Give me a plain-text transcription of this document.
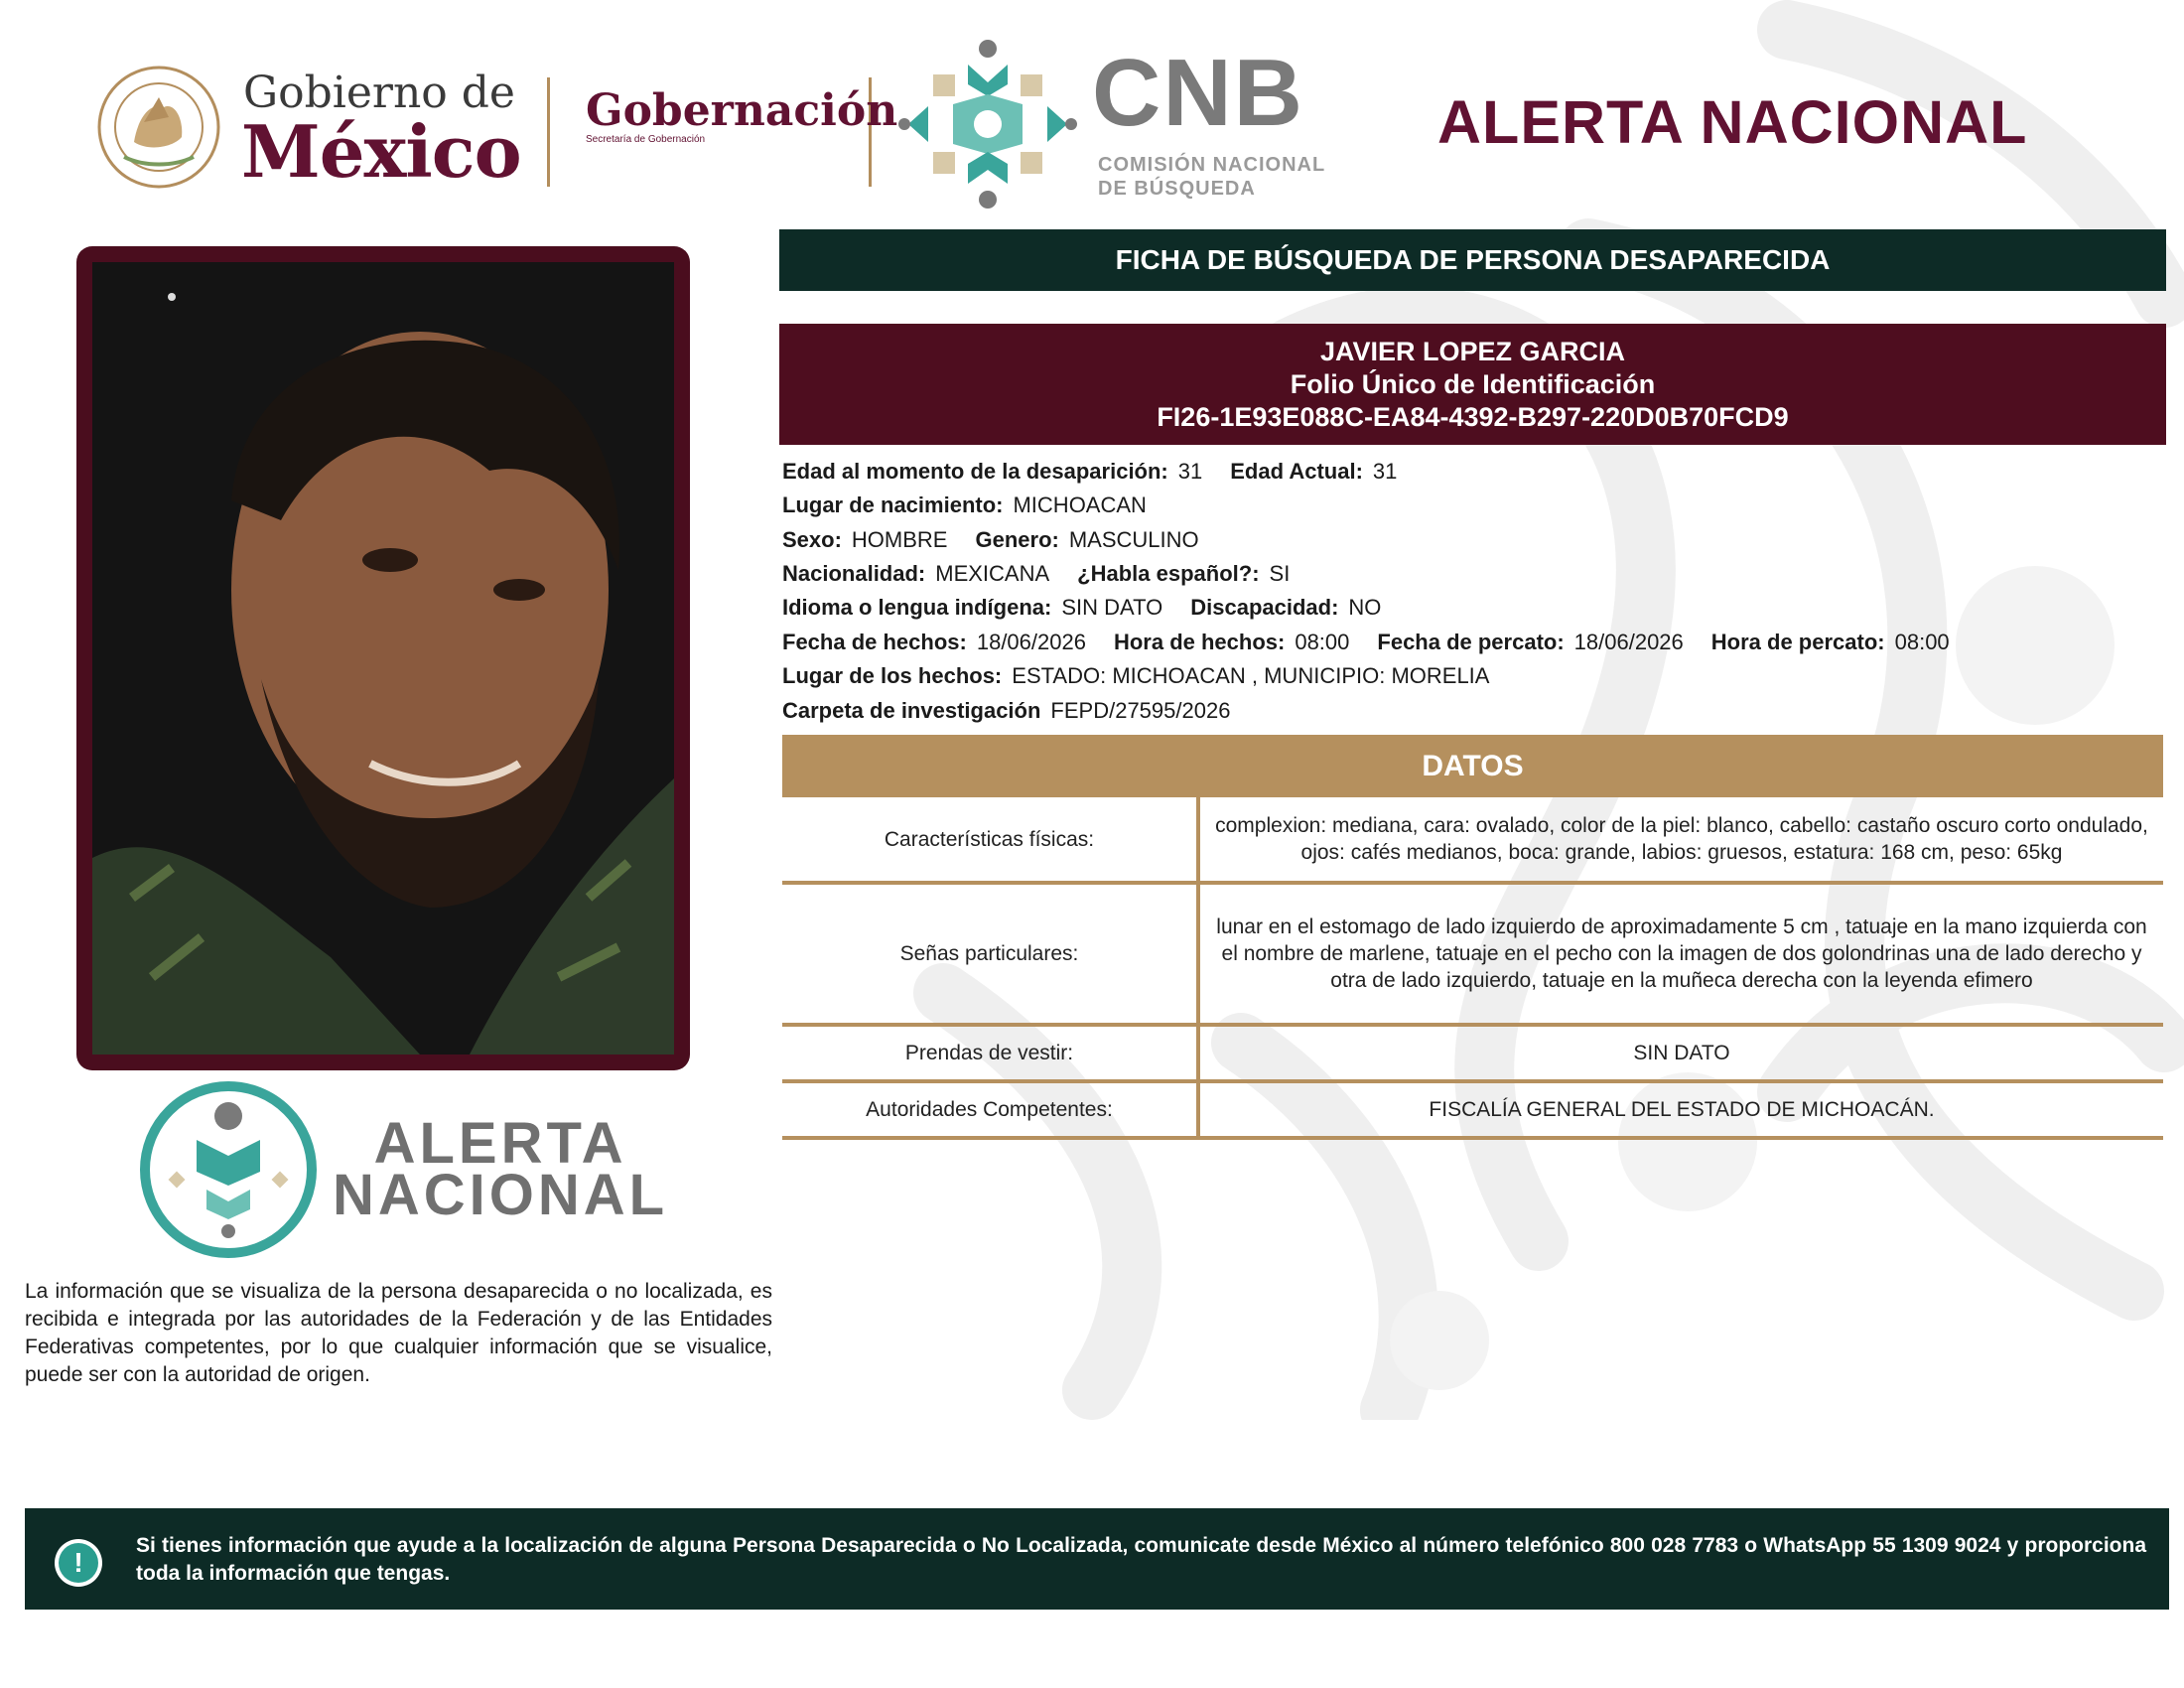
Gobierno de
México Gobernación
Secretaría de Gobernación	CNB
COMISIÓN NACIONAL
DE BÚSQUEDA
ALERTA NACIONAL
FICHA DE BÚSQUEDA DE PERSONA DESAPARECIDA
JAVIER LOPEZ GARCIA
Folio Único de Identificación
FI26-1E93E088C-EA84-4392-B297-220D0B70FCD9
Edad al momento de la desaparición: 31 Edad Actual: 31
Lugar de nacimiento: MICHOACAN
Sexo: HOMBRE Genero: MASCULINO
Nacionalidad: MEXICANA ¿Habla español?: SI
Idioma o lengua indígena: SIN DATO Discapacidad: NO
Fecha de hechos: 18/06/2026 Hora de hechos: 08:00 Fecha de percato: 18/06/2026 Hora de percato: 08:00
Lugar de los hechos: ESTADO: MICHOACAN , MUNICIPIO: MORELIA
Carpeta de investigación FEPD/27595/2026
DATOS
Características físicas:	complexion: mediana, cara: ovalado, color de la piel: blanco, cabello: castaño oscuro corto ondulado, ojos: cafés medianos, boca: grande, labios: gruesos, estatura: 168 cm, peso: 65kg
Señas particulares:	lunar en el estomago de lado izquierdo de aproximadamente 5 cm , tatuaje en la mano izquierda con el nombre de marlene, tatuaje en el pecho con la imagen de dos golondrinas una de lado derecho y otra de lado izquierdo, tatuaje en la muñeca derecha con la leyenda efimero
Prendas de vestir:	SIN DATO
Autoridades Competentes:	FISCALÍA GENERAL DEL ESTADO DE MICHOACÁN.
ALERTA
NACIONAL
La información que se visualiza de la persona desaparecida o no localizada, es recibida e integrada por las autoridades de la Federación y de las Entidades Federativas competentes, por lo que cualquier información que se visualice, puede ser con la autoridad de origen.
!
Si tienes información que ayude a la localización de alguna Persona Desaparecida o No Localizada, comunicate desde México al número telefónico 800 028 7783 o WhatsApp 55 1309 9024 y proporciona toda la información que tengas.
